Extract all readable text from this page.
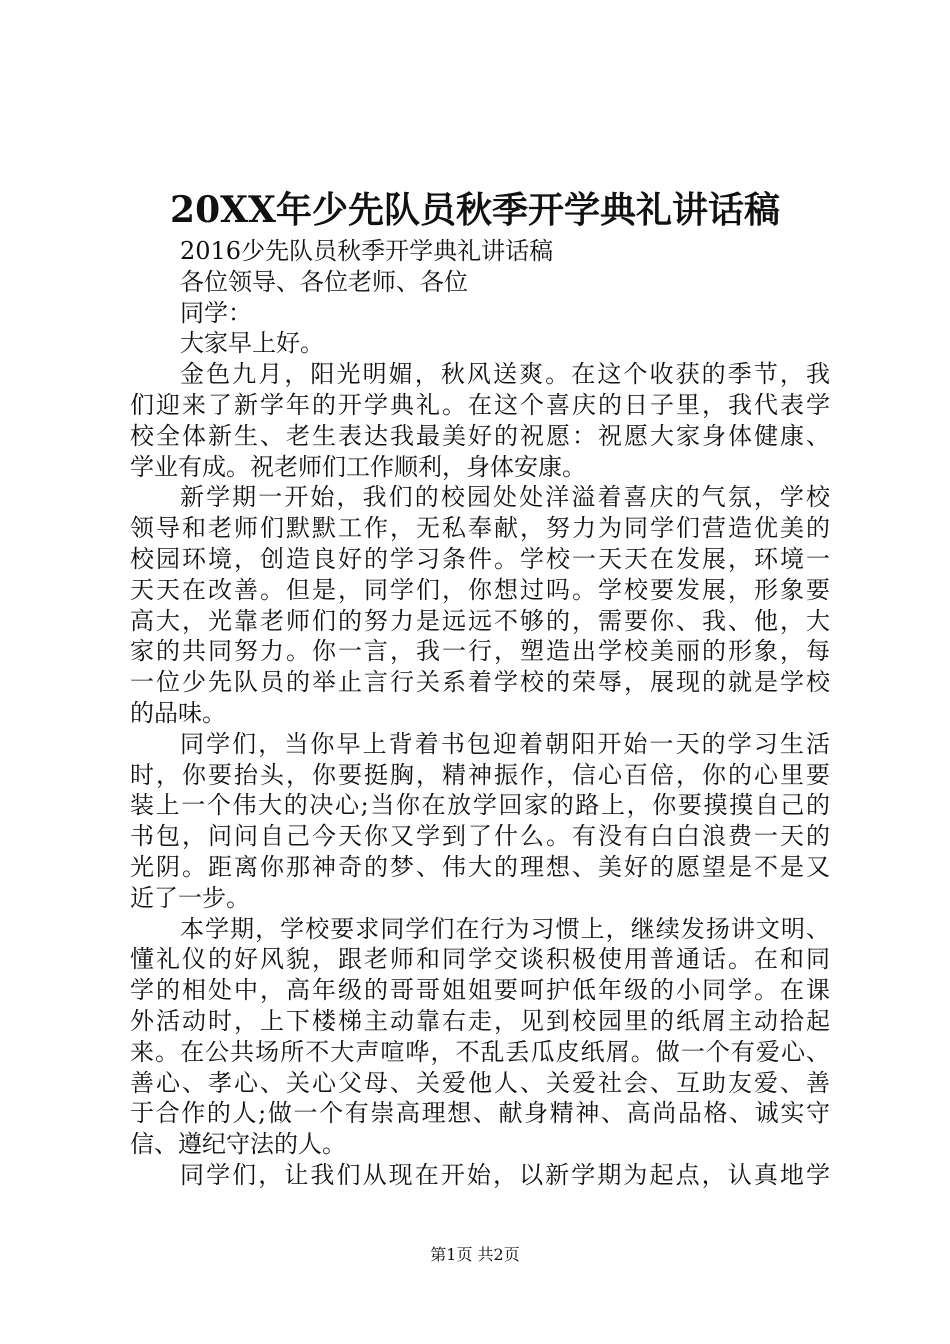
20XX年少先队员秋季开学典礼讲话稿
2016少先队员秋季开学典礼讲话稿
各位领导、各位老师、各位
同学：
大家早上好。
金色九月，阳光明媚，秋风送爽。在这个收获的季节，我
们迎来了新学年的开学典礼。在这个喜庆的日子里，我代表学
校全体新生、老生表达我最美好的祝愿：祝愿大家身体健康、
学业有成。祝老师们工作顺利，身体安康。
新学期一开始，我们的校园处处洋溢着喜庆的气氛，学校
领导和老师们默默工作，无私奉献，努力为同学们营造优美的
校园环境，创造良好的学习条件。学校一天天在发展，环境一
天天在改善。但是，同学们，你想过吗。学校要发展，形象要
高大，光靠老师们的努力是远远不够的，需要你、我、他，大
家的共同努力。你一言，我一行，塑造出学校美丽的形象，每
一位少先队员的举止言行关系着学校的荣辱，展现的就是学校
的品味。
同学们，当你早上背着书包迎着朝阳开始一天的学习生活
时，你要抬头，你要挺胸，精神振作，信心百倍，你的心里要
装上一个伟大的决心;当你在放学回家的路上，你要摸摸自己的
书包，问问自己今天你又学到了什么。有没有白白浪费一天的
光阴。距离你那神奇的梦、伟大的理想、美好的愿望是不是又
近了一步。
本学期，学校要求同学们在行为习惯上，继续发扬讲文明、
懂礼仪的好风貌，跟老师和同学交谈积极使用普通话。在和同
学的相处中，高年级的哥哥姐姐要呵护低年级的小同学。在课
外活动时，上下楼梯主动靠右走，见到校园里的纸屑主动拾起
来。在公共场所不大声喧哗，不乱丢瓜皮纸屑。做一个有爱心、
善心、孝心、关心父母、关爱他人、关爱社会、互助友爱、善
于合作的人;做一个有崇高理想、献身精神、高尚品格、诚实守
信、遵纪守法的人。
同学们，让我们从现在开始，以新学期为起点，认真地学
第1页 共2页
